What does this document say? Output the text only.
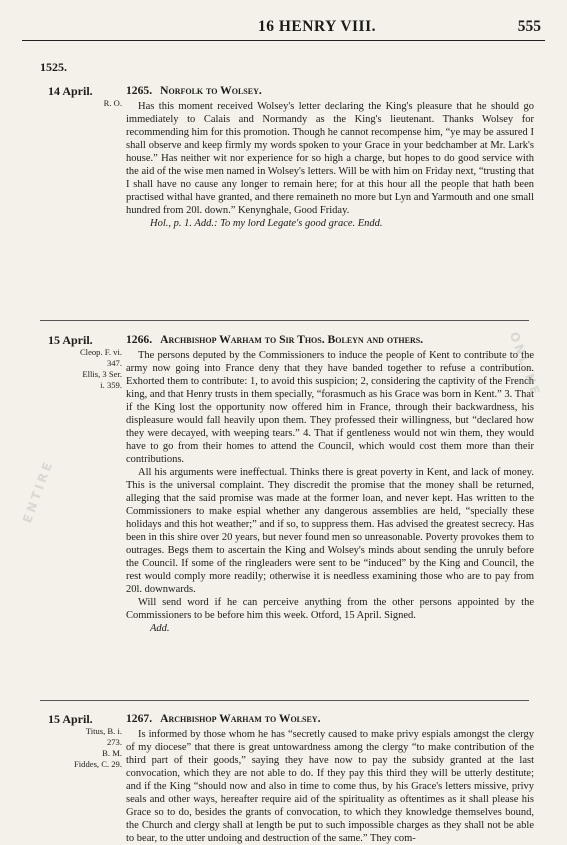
16 HENRY VIII.	555
1525.
14 April.
R. O.
1265. Norfolk to Wolsey.

Has this moment received Wolsey's letter declaring the King's pleasure that he should go immediately to Calais and Normandy as the King's lieutenant. Thanks Wolsey for recommending him for this promotion. Though he cannot recompense him, “ye may be assured I shall observe and keep firmly my words spoken to your Grace in your bedchamber at Mr. Lark's house.” Has neither wit nor experience for so high a charge, but hopes to do good service with the aid of the wise men named in Wolsey's letters. Will be with him on Friday next, “trusting that I shall have no cause any longer to remain here; for at this hour all the people that hath been practised withal have granted, and there remaineth no more but Lyn and Yarmouth and one small hundred from 20l. down.” Kenynghale, Good Friday.

Hol., p. 1. Add.: To my lord Legate's good grace. Endd.

15 April.
Cleop. F. vi.
347.
Ellis, 3 Ser.
i. 359.
1266. Archbishop Warham to Sir Thos. Boleyn and others.

The persons deputed by the Commissioners to induce the people of Kent to contribute to the army now going into France deny that they have banded together to refuse a contribution. Exhorted them to contribute: 1, to avoid this suspicion; 2, considering the captivity of the French king, and that Henry trusts in them specially, “forasmuch as his Grace was born in Kent.” 3. That if the King lost the opportunity now offered him in France, through their backwardness, his displeasure would fall heavily upon them. They professed their willingness, but “declared how they were decayed, with weeping tears.” 4. That if gentleness would not win them, they would have to go from their homes to attend the Council, which would cost them more than their contributions.

All his arguments were ineffectual. Thinks there is great poverty in Kent, and lack of money. This is the universal complaint. They discredit the promise that the money shall be returned, alleging that the said promise was made at the former loan, and never kept. Has written to the Commissioners to make espial whether any dangerous assemblies are held, “specially these holidays and this hot weather;” and if so, to suppress them. Has advised the greatest secrecy. Has been in this shire over 20 years, but never found men so unreasonable. Poverty provokes them to outrages. Begs them to ascertain the King and Wolsey's minds about sending the unruly before the Council. If some of the ringleaders were sent to be “induced” by the King and Council, the rest would comply more readily; otherwise it is needless examining those who are to pay from 20l. downwards.

Will send word if he can perceive anything from the other persons appointed by the Commissioners to be before him this week. Otford, 15 April. Signed.

Add.

15 April.
Titus, B. i.
273.
B. M.
Fiddes, C. 29.
1267. Archbishop Warham to Wolsey.

Is informed by those whom he has “secretly caused to make privy espials amongst the clergy of my diocese” that there is great untowardness among the clergy “to make contribution of the third part of their goods,” saying they have now to pay the subsidy granted at the last convocation, which they are not able to do. If they pay this third they will be utterly destitute; and if the King “should now and also in time to come thus, by his Grace's letters missive, privy seals and other ways, hereafter require aid of the spirituality as oftentimes as it shall please his Grace so to do, besides the grants of convocation, to which they knowledge themselves bound, the Church and clergy shall at length be put to such impossible charges as they shall not be able to bear, to the utter undoing and destruction of the same.” They com-

ENTIRE
ONLINE
